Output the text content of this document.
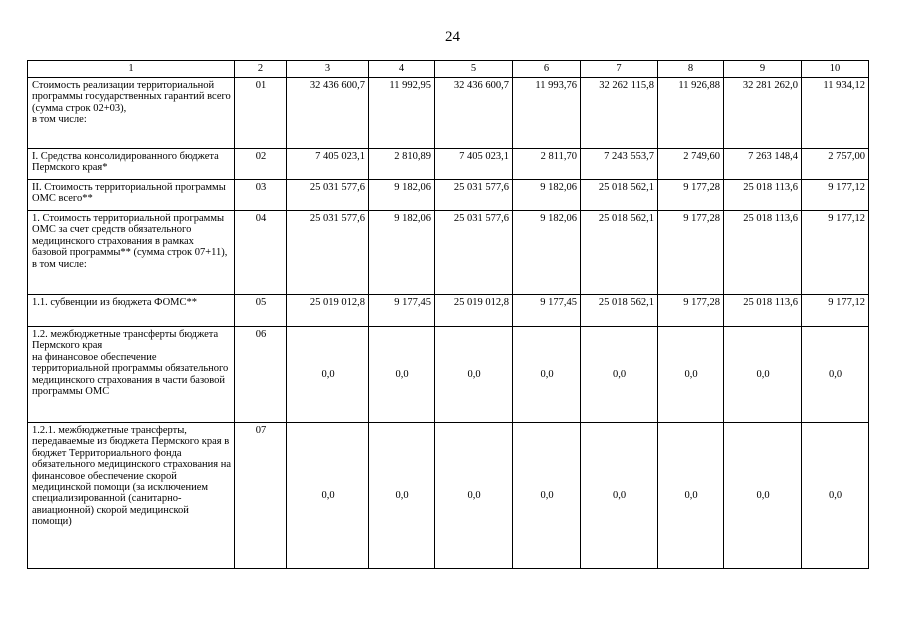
24
1	2	3	4	5	6	7	8	9	10
Стоимость реализации территориальной программы государственных гарантий всего (сумма строк 02+03),
в том числе:	01	32 436 600,7	11 992,95	32 436 600,7	11 993,76	32 262 115,8	11 926,88	32 281 262,0	11 934,12
I. Средства консолидированного бюджета Пермского края*	02	7 405 023,1	2 810,89	7 405 023,1	2 811,70	7 243 553,7	2 749,60	7 263 148,4	2 757,00
II. Стоимость территориальной программы ОМС всего**	03	25 031 577,6	9 182,06	25 031 577,6	9 182,06	25 018 562,1	9 177,28	25 018 113,6	9 177,12
1. Стоимость территориальной программы ОМС за счет средств обязательного медицинского страхования в рамках базовой программы** (сумма строк 07+11), в том числе:	04	25 031 577,6	9 182,06	25 031 577,6	9 182,06	25 018 562,1	9 177,28	25 018 113,6	9 177,12
1.1. субвенции из бюджета ФОМС**	05	25 019 012,8	9 177,45	25 019 012,8	9 177,45	25 018 562,1	9 177,28	25 018 113,6	9 177,12
1.2. межбюджетные трансферты бюджета Пермского края
на финансовое обеспечение территориальной программы обязательного медицинского страхования в части базовой программы ОМС	06	0,0	0,0	0,0	0,0	0,0	0,0	0,0	0,0
1.2.1. межбюджетные трансферты, передаваемые из бюджета Пермского края в бюджет Территориального фонда обязательного медицинского страхования на финансовое обеспечение скорой медицинской помощи (за исключением специализированной (санитарно-авиационной) скорой медицинской помощи)	07	0,0	0,0	0,0	0,0	0,0	0,0	0,0	0,0
